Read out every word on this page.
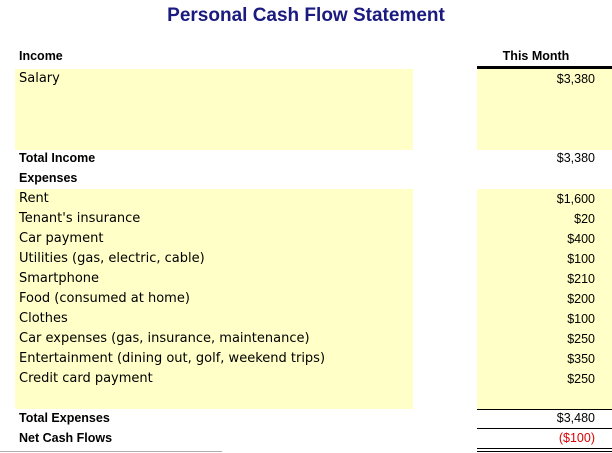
Personal Cash Flow Statement
Income	This Month
Salary	$3,380
Total Income	$3,380
Expenses
Rent	$1,600
Tenant's insurance	$20
Car payment	$400
Utilities (gas, electric, cable)	$100
Smartphone	$210
Food (consumed at home)	$200
Clothes	$100
Car expenses (gas, insurance, maintenance)	$250
Entertainment (dining out, golf, weekend trips)	$350
Credit card payment	$250
Total Expenses	$3,480
Net Cash Flows	($100)
